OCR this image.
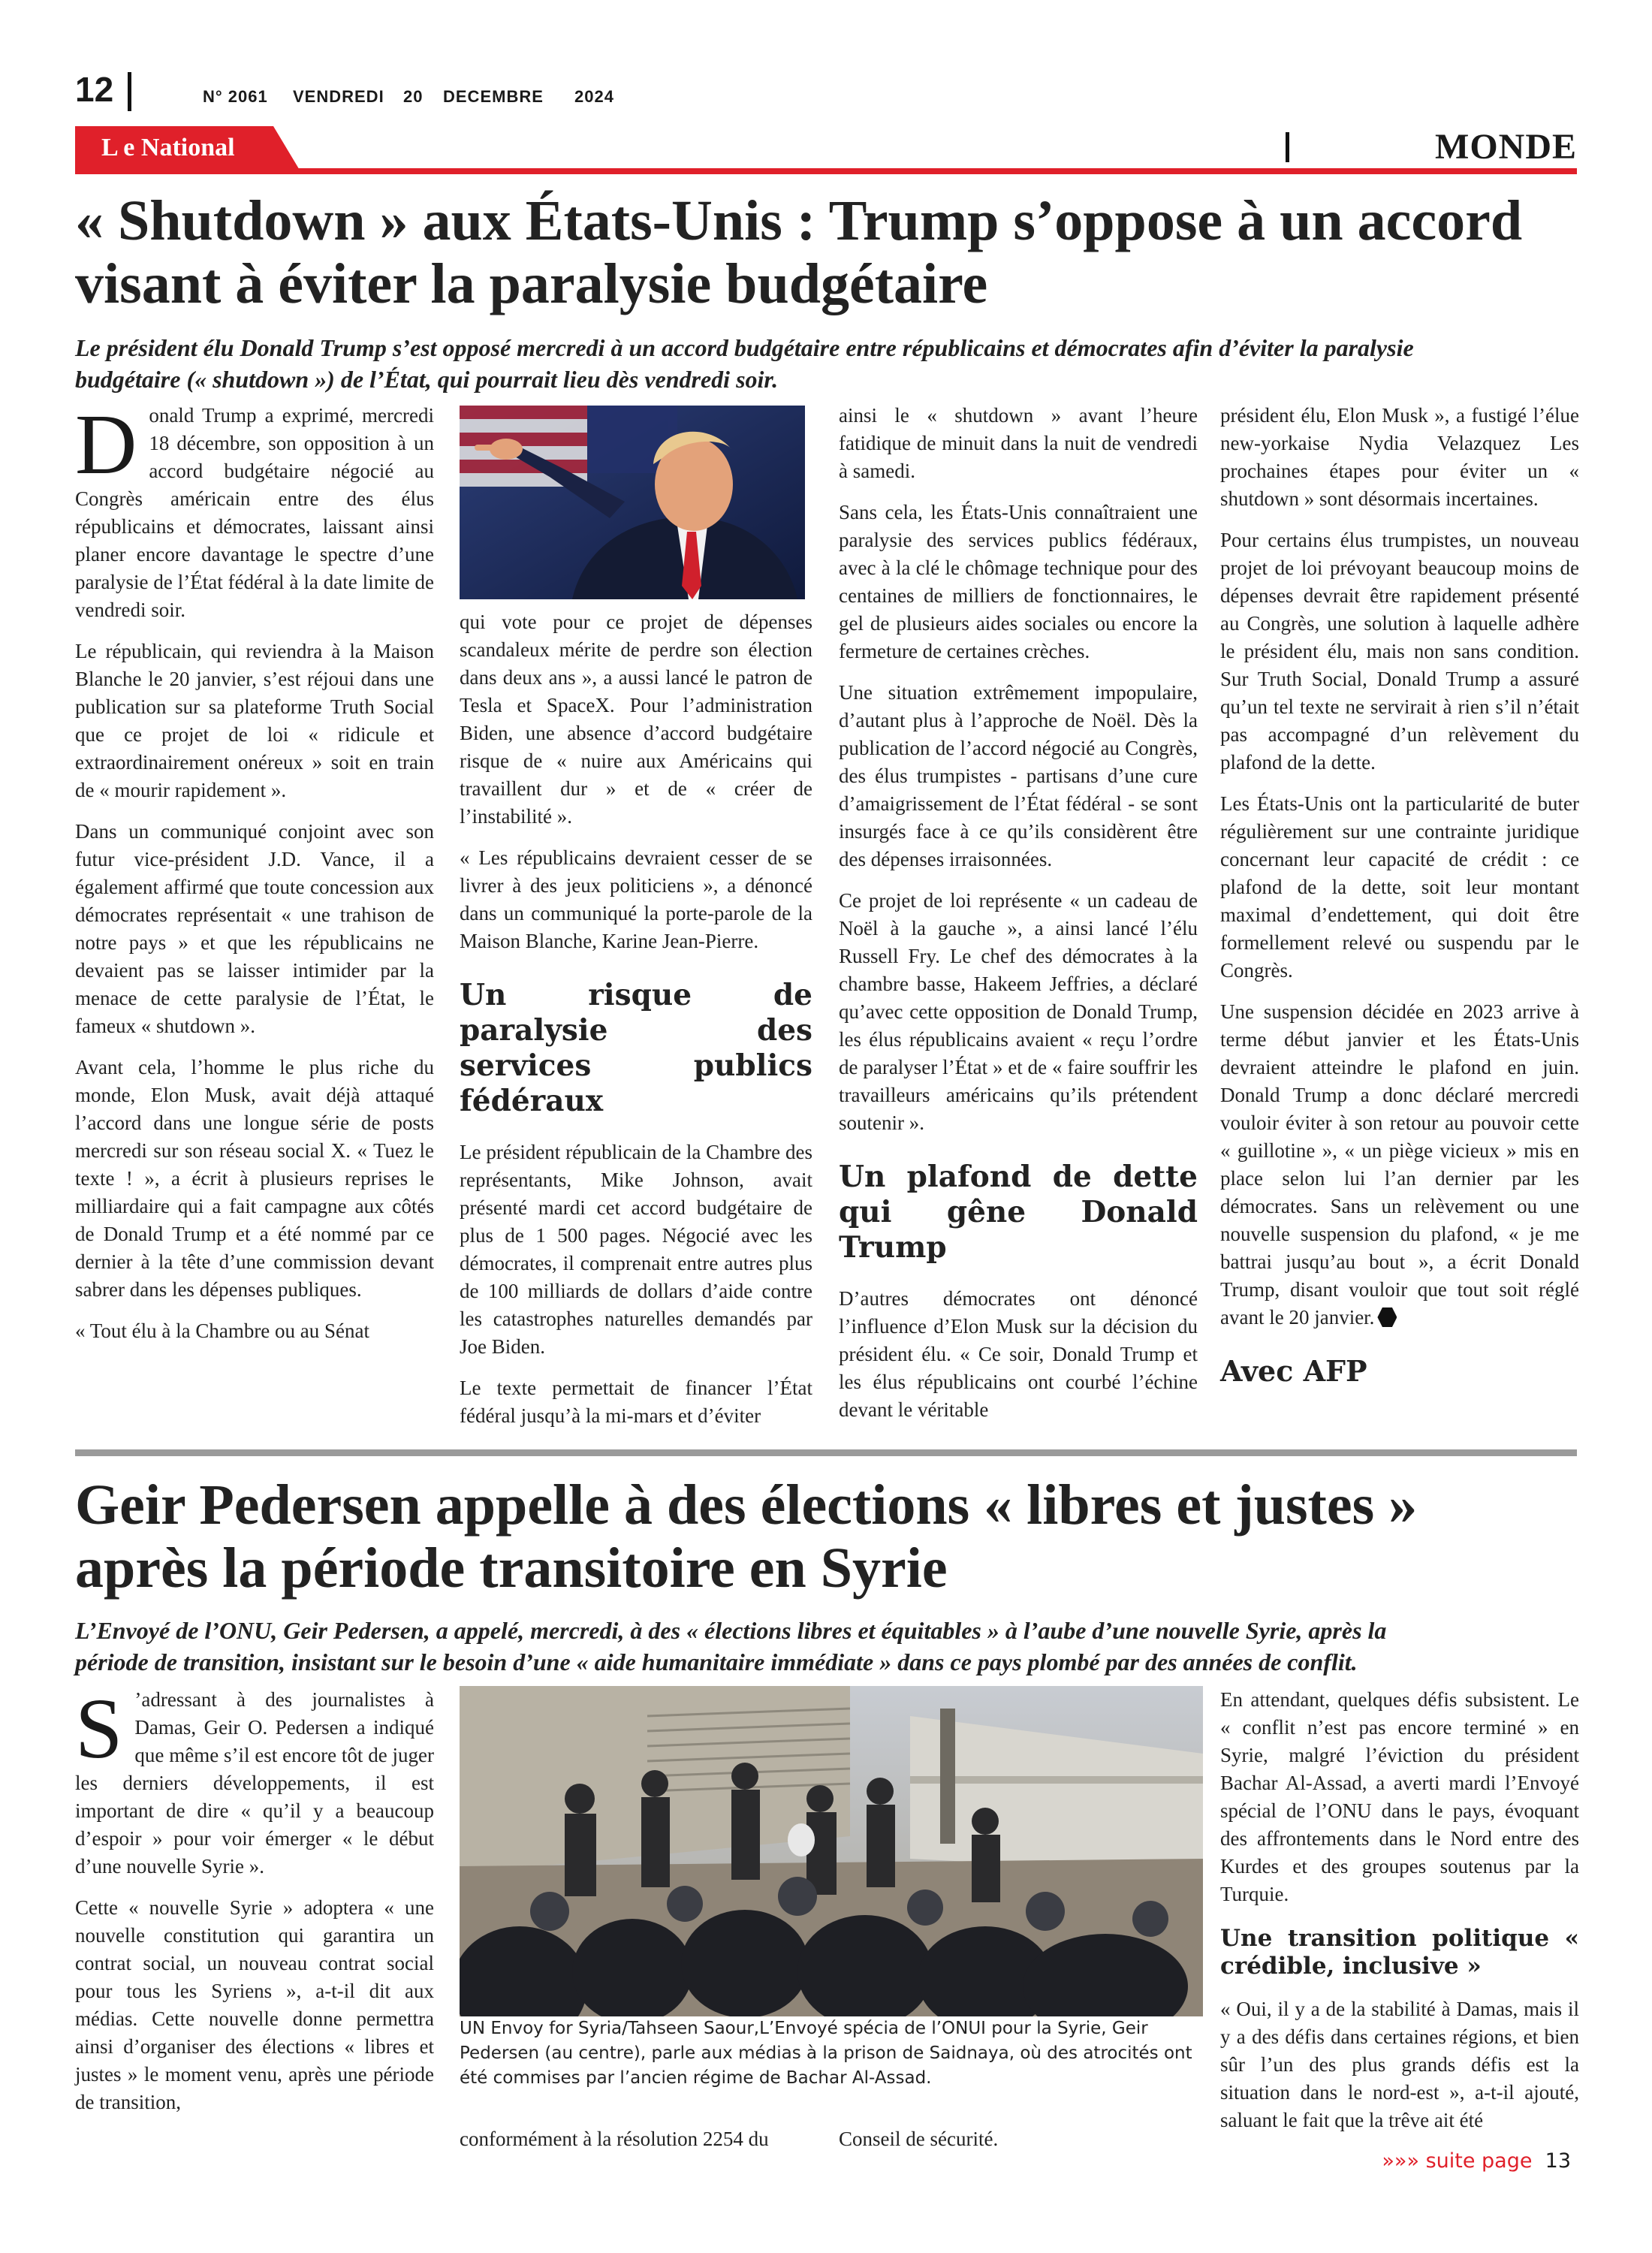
12	N° 2061 VENDREDI 20 DECEMBRE 2024
L e National	MONDE
« Shutdown » aux États-Unis : Trump s’oppose à un accord
visant à éviter la paralysie budgétaire
Le président élu Donald Trump s’est opposé mercredi à un accord budgétaire entre républicains et démocrates afin d’éviter la paralysie
budgétaire (« shutdown ») de l’État, qui pourrait lieu dès vendredi soir.

Donald Trump a exprimé, mercredi 18 décembre, son opposition à un accord budgétaire négocié au Congrès américain entre des élus républicains et démocrates, laissant ainsi planer encore davantage le spectre d’une paralysie de l’État fédéral à la date limite de vendredi soir.

Le républicain, qui reviendra à la Maison Blanche le 20 janvier, s’est réjoui dans une publication sur sa plateforme Truth Social que ce projet de loi « ridicule et extraordinairement onéreux » soit en train de « mourir rapidement ».

Dans un communiqué conjoint avec son futur vice-président J.D. Vance, il a également affirmé que toute concession aux démocrates représentait « une trahison de notre pays » et que les républicains ne devaient pas se laisser intimider par la menace de cette paralysie de l’État, le fameux « shutdown ».

Avant cela, l’homme le plus riche du monde, Elon Musk, avait déjà attaqué l’accord dans une longue série de posts mercredi sur son réseau social X. « Tuez le texte ! », a écrit à plusieurs reprises le milliardaire qui a fait campagne aux côtés de Donald Trump et a été nommé par ce dernier à la tête d’une commission devant sabrer dans les dépenses publiques.

« Tout élu à la Chambre ou au Sénat

qui vote pour ce projet de dépenses scandaleux mérite de perdre son élection dans deux ans », a aussi lancé le patron de Tesla et SpaceX. Pour l’administration Biden, une absence d’accord budgétaire risque de « nuire aux Américains qui travaillent dur » et de « créer de l’instabilité ».

« Les républicains devraient cesser de se livrer à des jeux politiciens », a dénoncé dans un communiqué la porte-parole de la Maison Blanche, Karine Jean-Pierre.

Un risque de paralysie des services publics fédéraux

Le président républicain de la Chambre des représentants, Mike Johnson, avait présenté mardi cet accord budgétaire de plus de 1 500 pages. Négocié avec les démocrates, il comprenait entre autres plus de 100 milliards de dollars d’aide contre les catastrophes naturelles demandés par Joe Biden.

Le texte permettait de financer l’État fédéral jusqu’à la mi-mars et d’éviter

ainsi le « shutdown » avant l’heure fatidique de minuit dans la nuit de vendredi à samedi.

Sans cela, les États-Unis connaîtraient une paralysie des services publics fédéraux, avec à la clé le chômage technique pour des centaines de milliers de fonctionnaires, le gel de plusieurs aides sociales ou encore la fermeture de certaines crèches.

Une situation extrêmement impopulaire, d’autant plus à l’approche de Noël. Dès la publication de l’accord négocié au Congrès, des élus trumpistes - partisans d’une cure d’amaigrissement de l’État fédéral - se sont insurgés face à ce qu’ils considèrent être des dépenses irraisonnées.

Ce projet de loi représente « un cadeau de Noël à la gauche », a ainsi lancé l’élu Russell Fry. Le chef des démocrates à la chambre basse, Hakeem Jeffries, a déclaré qu’avec cette opposition de Donald Trump, les élus républicains avaient « reçu l’ordre de paralyser l’État » et de « faire souffrir les travailleurs américains qu’ils prétendent soutenir ».

Un plafond de dette qui gêne Donald Trump

D’autres démocrates ont dénoncé l’influence d’Elon Musk sur la décision du président élu. « Ce soir, Donald Trump et les élus républicains ont courbé l’échine devant le véritable

président élu, Elon Musk », a fustigé l’élue new-yorkaise Nydia Velazquez Les prochaines étapes pour éviter un « shutdown » sont désormais incertaines.

Pour certains élus trumpistes, un nouveau projet de loi prévoyant beaucoup moins de dépenses devrait être rapidement présenté au Congrès, une solution à laquelle adhère le président élu, mais non sans condition. Sur Truth Social, Donald Trump a assuré qu’un tel texte ne servirait à rien s’il n’était pas accompagné d’un relèvement du plafond de la dette.

Les États-Unis ont la particularité de buter régulièrement sur une contrainte juridique concernant leur capacité de crédit : ce plafond de la dette, soit leur montant maximal d’endettement, qui doit être formellement relevé ou suspendu par le Congrès.

Une suspension décidée en 2023 arrive à terme début janvier et les États-Unis devraient atteindre le plafond en juin. Donald Trump a donc déclaré mercredi vouloir éviter à son retour au pouvoir cette « guillotine », « un piège vicieux » mis en place selon lui l’an dernier par les démocrates. Sans un relèvement ou une nouvelle suspension du plafond, « je me battrai jusqu’au bout », a écrit Donald Trump, disant vouloir que tout soit réglé avant le 20 janvier.

Avec AFP
Geir Pedersen appelle à des élections « libres et justes »
après la période transitoire en Syrie
L’Envoyé de l’ONU, Geir Pedersen, a appelé, mercredi, à des « élections libres et équitables » à l’aube d’une nouvelle Syrie, après la
période de transition, insistant sur le besoin d’une « aide humanitaire immédiate » dans ce pays plombé par des années de conflit.

S ’adressant à des journalistes à Damas, Geir O. Pedersen a indiqué que même s’il est encore tôt de juger les derniers développements, il est important de dire « qu’il y a beaucoup d’espoir » pour voir émerger « le début d’une nouvelle Syrie ».

Cette « nouvelle Syrie » adoptera « une nouvelle constitution qui garantira un contrat social, un nouveau contrat social pour tous les Syriens », a-t-il dit aux médias. Cette nouvelle donne permettra ainsi d’organiser des élections « libres et justes » le moment venu, après une période de transition,

UN Envoy for Syria/Tahseen Saour,L’Envoyé spécia de l’ONUI pour la Syrie, Geir Pedersen (au centre), parle aux médias à la prison de Saidnaya, où des atrocités ont été commises par l’ancien régime de Bachar Al-Assad.

conformément à la résolution 2254 du	Conseil de sécurité.

En attendant, quelques défis subsistent. Le « conflit n’est pas encore terminé » en Syrie, malgré l’éviction du président Bachar Al-Assad, a averti mardi l’Envoyé spécial de l’ONU dans le pays, évoquant des affrontements dans le Nord entre des Kurdes et des groupes soutenus par la Turquie.

Une transition politique « crédible, inclusive »

« Oui, il y a de la stabilité à Damas, mais il y a des défis dans certaines régions, et bien sûr l’un des plus grands défis est la situation dans le nord-est », a-t-il ajouté, saluant le fait que la trêve ait été

»»» suite page 13
